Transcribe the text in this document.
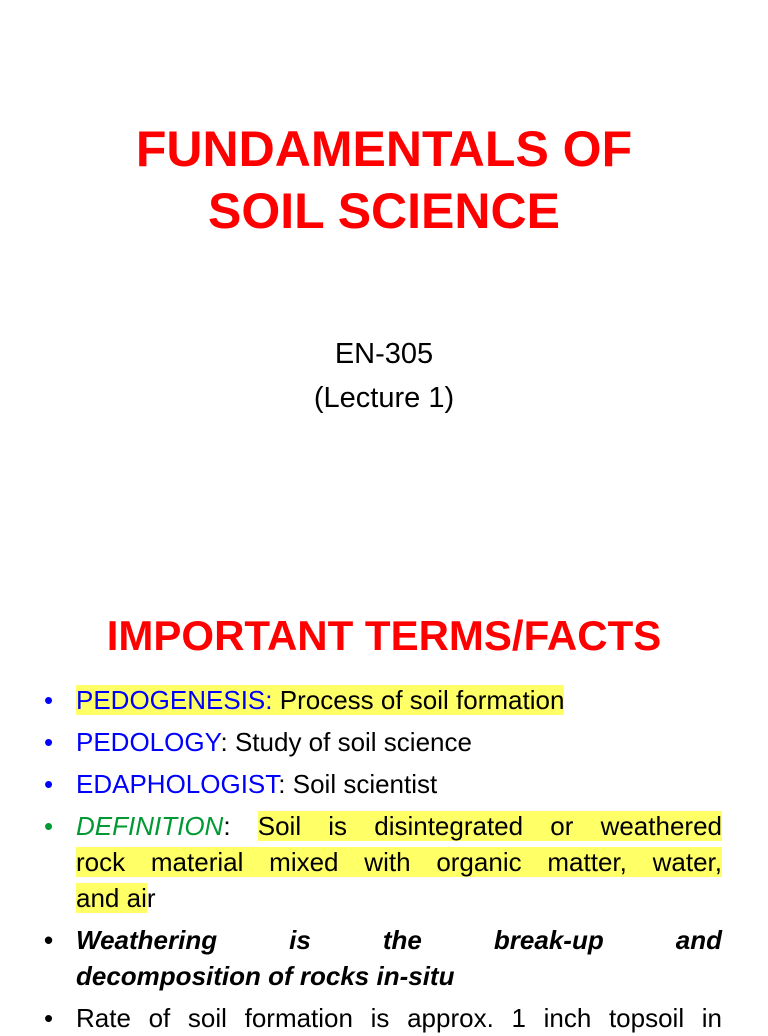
FUNDAMENTALS OF
SOIL SCIENCE
EN-305
(Lecture 1)
IMPORTANT TERMS/FACTS
• PEDOGENESIS: Process of soil formation
• PEDOLOGY: Study of soil science
• EDAPHOLOGIST: Soil scientist
• DEFINITION: Soil is disintegrated or weathered
rock material mixed with organic matter, water,
and air
• Weathering is the break-up and
decomposition of rocks in-situ
• Rate of soil formation is approx. 1 inch topsoil in
